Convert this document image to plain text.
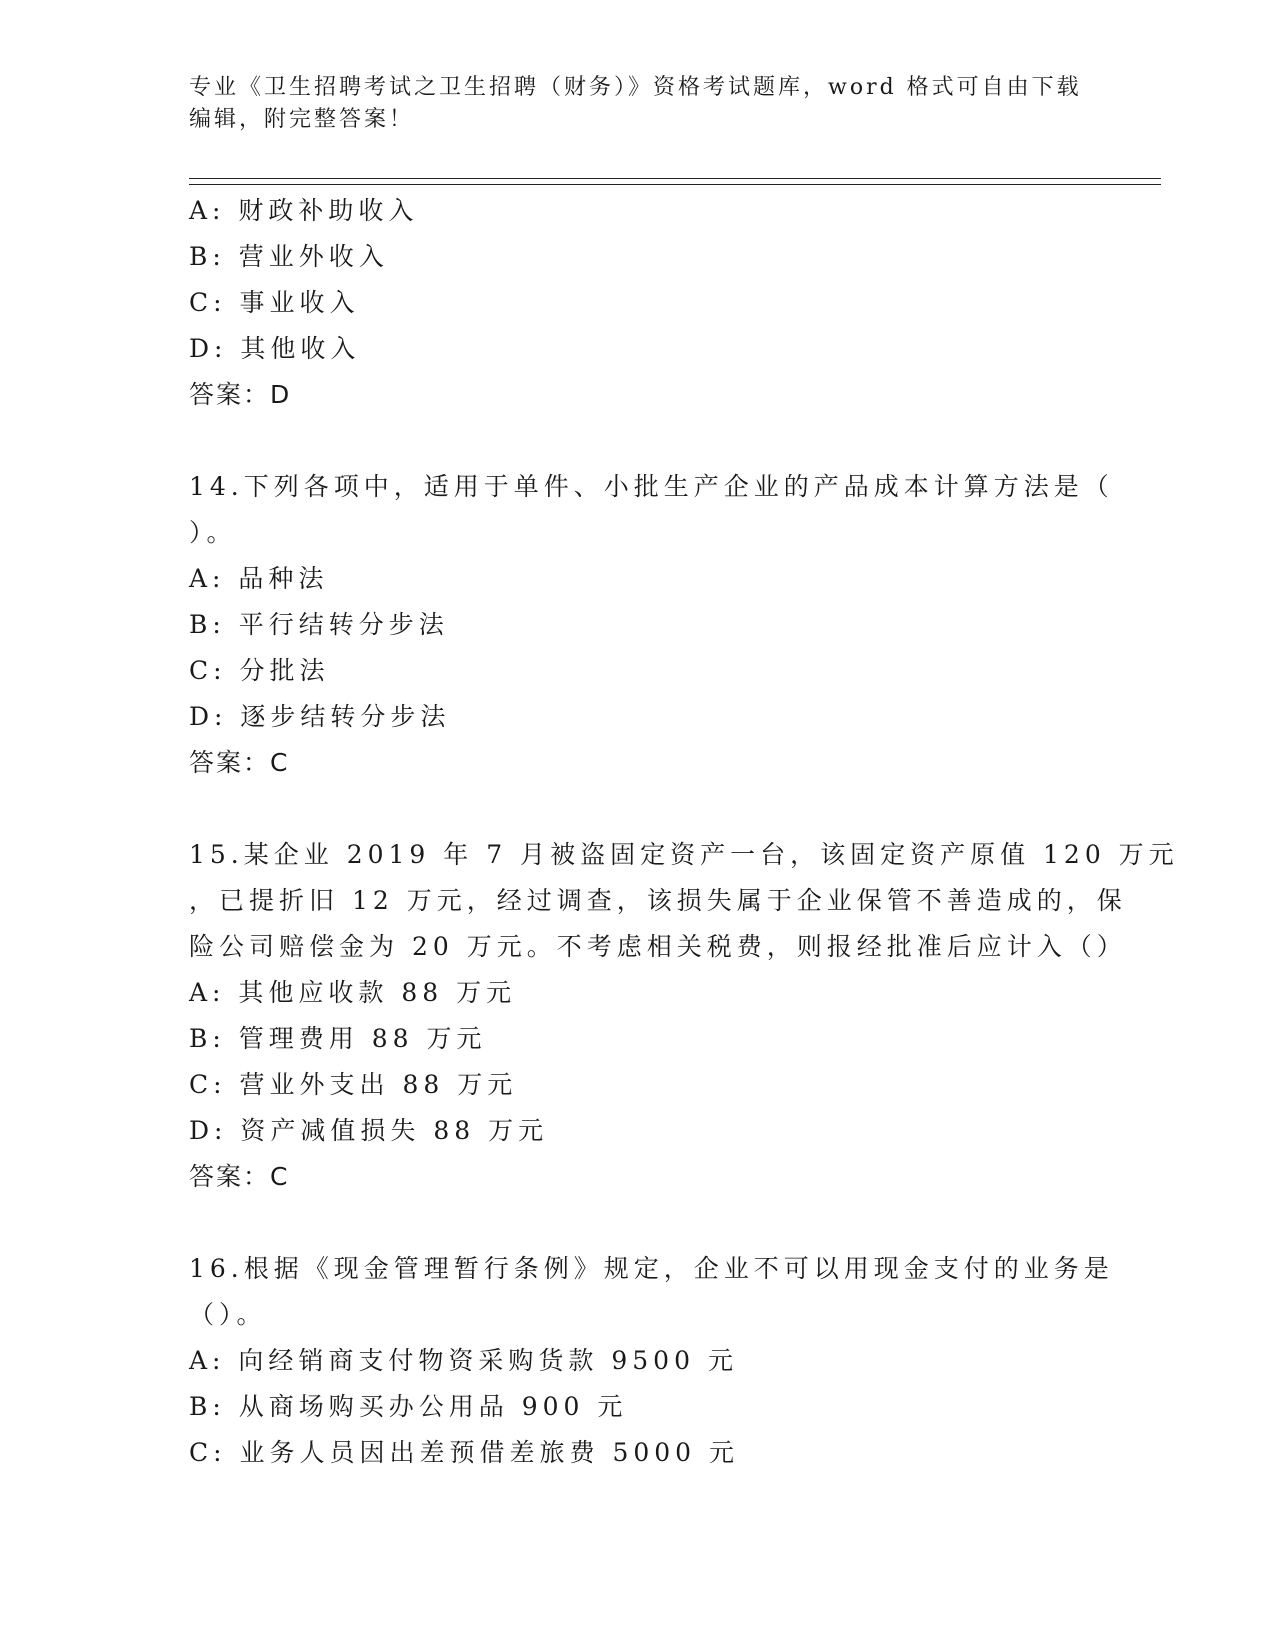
专业《卫生招聘考试之卫生招聘（财务）》资格考试题库，word 格式可自由下载
编辑，附完整答案！
A: 财政补助收入
B: 营业外收入
C: 事业收入
D: 其他收入
答案：D
14.下列各项中，适用于单件、小批生产企业的产品成本计算方法是（
）。
A: 品种法
B: 平行结转分步法
C: 分批法
D: 逐步结转分步法
答案：C
15.某企业 2019 年 7 月被盗固定资产一台，该固定资产原值 120 万元
，已提折旧 12 万元，经过调查，该损失属于企业保管不善造成的，保
险公司赔偿金为 20 万元。不考虑相关税费，则报经批准后应计入（）
A: 其他应收款 88 万元
B: 管理费用 88 万元
C: 营业外支出 88 万元
D: 资产减值损失 88 万元
答案：C
16.根据《现金管理暂行条例》规定，企业不可以用现金支付的业务是
（）。
A: 向经销商支付物资采购货款 9500 元
B: 从商场购买办公用品 900 元
C: 业务人员因出差预借差旅费 5000 元
